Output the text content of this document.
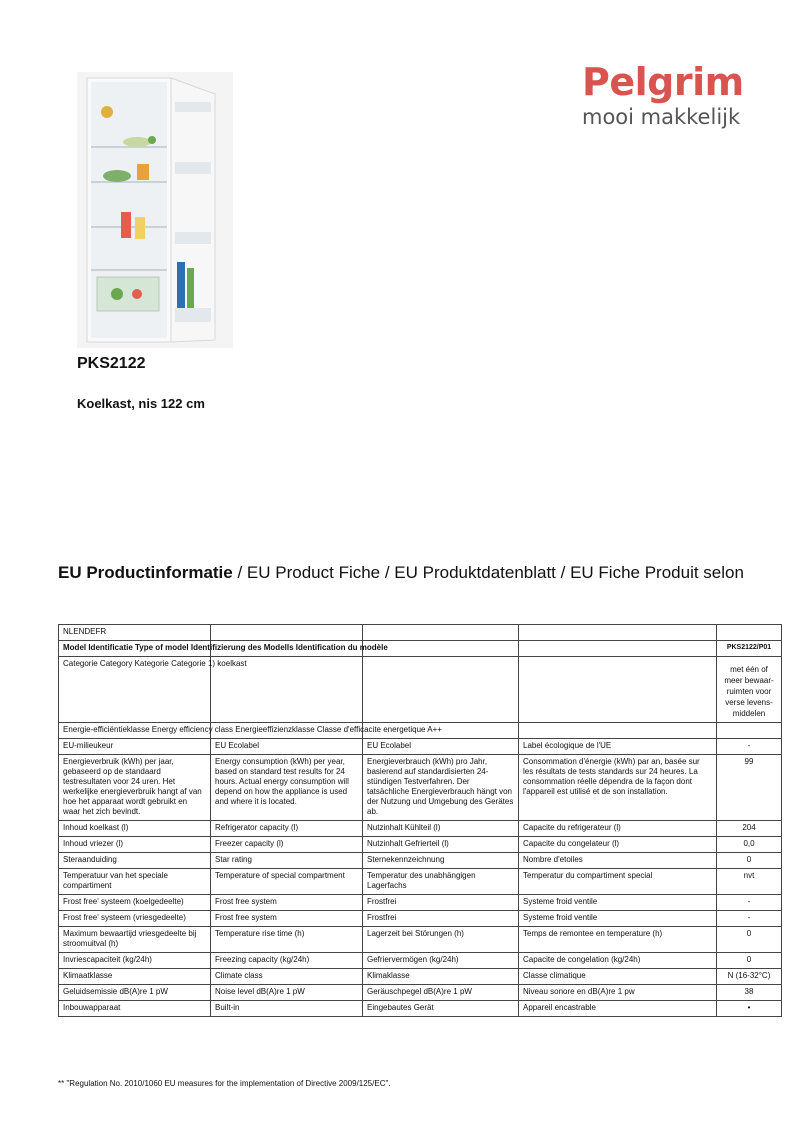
Pelgrim
mooi makkelijk
PKS2122
Koelkast, nis 122 cm
EU Productinformatie / EU Product Fiche / EU Produktdatenblatt / EU Fiche Produit selon
NLENDEFR				
Model Identificatie Type of model Identifizierung des Modells Identification du modèle				PKS2122/P01
Categorie Category Kategorie Categorie 1) koelkast				met één of meer bewaar-ruimten voor verse levens-middelen
Energie-efficiëntieklasse Energy efficiency class Energieeffizienzklasse Classe d'efficacite energetique A++				
EU-milieukeur	EU Ecolabel	EU Ecolabel	Label écologique de l'UE	-
Energieverbruik (kWh) per jaar, gebaseerd op de standaard testresultaten voor 24 uren. Het werkelijke energieverbruik hangt af van hoe het apparaat wordt gebruikt en waar het zich bevindt.	Energy consumption (kWh) per year, based on standard test results for 24 hours. Actual energy consumption will depend on how the appliance is used and where it is located.	Energieverbrauch (kWh) pro Jahr, basierend auf standardisierten 24-stündigen Testverfahren. Der tatsächliche Energieverbrauch hängt von der Nutzung und Umgebung des Gerätes ab.	Consommation d'énergie (kWh) par an, basée sur les résultats de tests standards sur 24 heures. La consommation réelle dépendra de la façon dont l'appareil est utilisé et de son installation.	99
Inhoud koelkast (l)	Refrigerator capacity (l)	Nutzinhalt Kühlteil (l)	Capacite du refrigerateur (l)	204
Inhoud vriezer (l)	Freezer capacity (l)	Nutzinhalt Gefrierteil (l)	Capacite du congelateur (l)	0,0
Steraanduiding	Star rating	Sternekennzeichnung	Nombre d'etoiles	0
Temperatuur van het speciale compartiment	Temperature of special compartment	Temperatur des unabhängigen Lagerfachs	Temperatur du compartiment special	nvt
Frost free' systeem (koelgedeelte)	Frost free system	Frostfrei	Systeme froid ventile	-
Frost free' systeem (vriesgedeelte)	Frost free system	Frostfrei	Systeme froid ventile	-
Maximum bewaartijd vriesgedeelte bij stroomuitval (h)	Temperature rise time (h)	Lagerzeit bei Störungen (h)	Temps de remontee en temperature (h)	0
Invriescapaciteit (kg/24h)	Freezing capacity (kg/24h)	Gefriervermögen (kg/24h)	Capacite de congelation (kg/24h)	0
Klimaatklasse	Climate class	Klimaklasse	Classe climatique	N (16-32°C)
Geluidsemissie dB(A)re 1 pW	Noise level dB(A)re 1 pW	Geräuschpegel dB(A)re 1 pW	Niveau sonore en dB(A)re 1 pw	38
Inbouwapparaat	Built-in	Eingebautes Gerät	Appareil encastrable	•
** "Regulation No. 2010/1060 EU measures for the implementation of Directive 2009/125/EC".
